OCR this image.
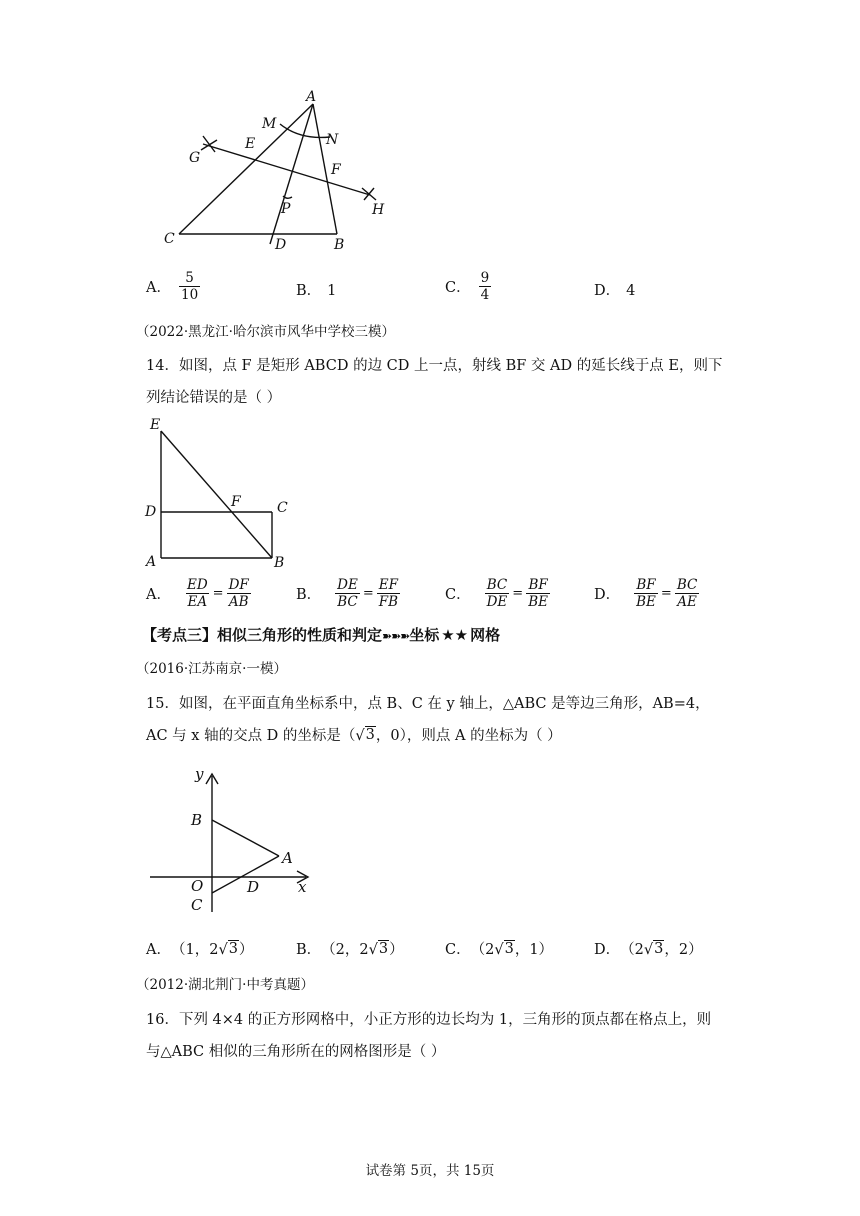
A
M
N
G
E
F
H
P
C	D	B
A． $\frac{5}{10}$	B． 1	C． $\frac{9}{4}$	D． 4
（2022·黑龙江·哈尔滨市风华中学校三模）
14．如图，点 F 是矩形 ABCD 的边 CD 上一点，射线 BF 交 AD 的延长线于点 E，则下
列结论错误的是（ ）
E
D
F	C
A	B
A． $\frac{ED}{EA} = \frac{DF}{AB}$	B． $\frac{DE}{BC} = \frac{EF}{FB}$	C． $\frac{BC}{DE} = \frac{BF}{BE}$	D． $\frac{BF}{BE} = \frac{BC}{AE}$
【考点三】相似三角形的性质和判定➽➽➽坐标 ★★ 网格
（2016·江苏南京·一模）
15．如图，在平面直角坐标系中，点 B、C 在 y 轴上，△ABC 是等边三角形，AB=4，
AC 与 x 轴的交点 D 的坐标是（ √ 3 ，0），则点 A 的坐标为（ ）
y
B
A
O	D	x
C
A． （1，2 √ 3 ）	B． （2，2 √ 3 ）	C． （2 √ 3 ，1）	D． （2 √ 3 ，2）
（2012·湖北荆门·中考真题）
16．下列 4×4 的正方形网格中，小正方形的边长均为 1，三角形的顶点都在格点上，则
与△ABC 相似的三角形所在的网格图形是（ ）
试卷第 5页，共 15页
